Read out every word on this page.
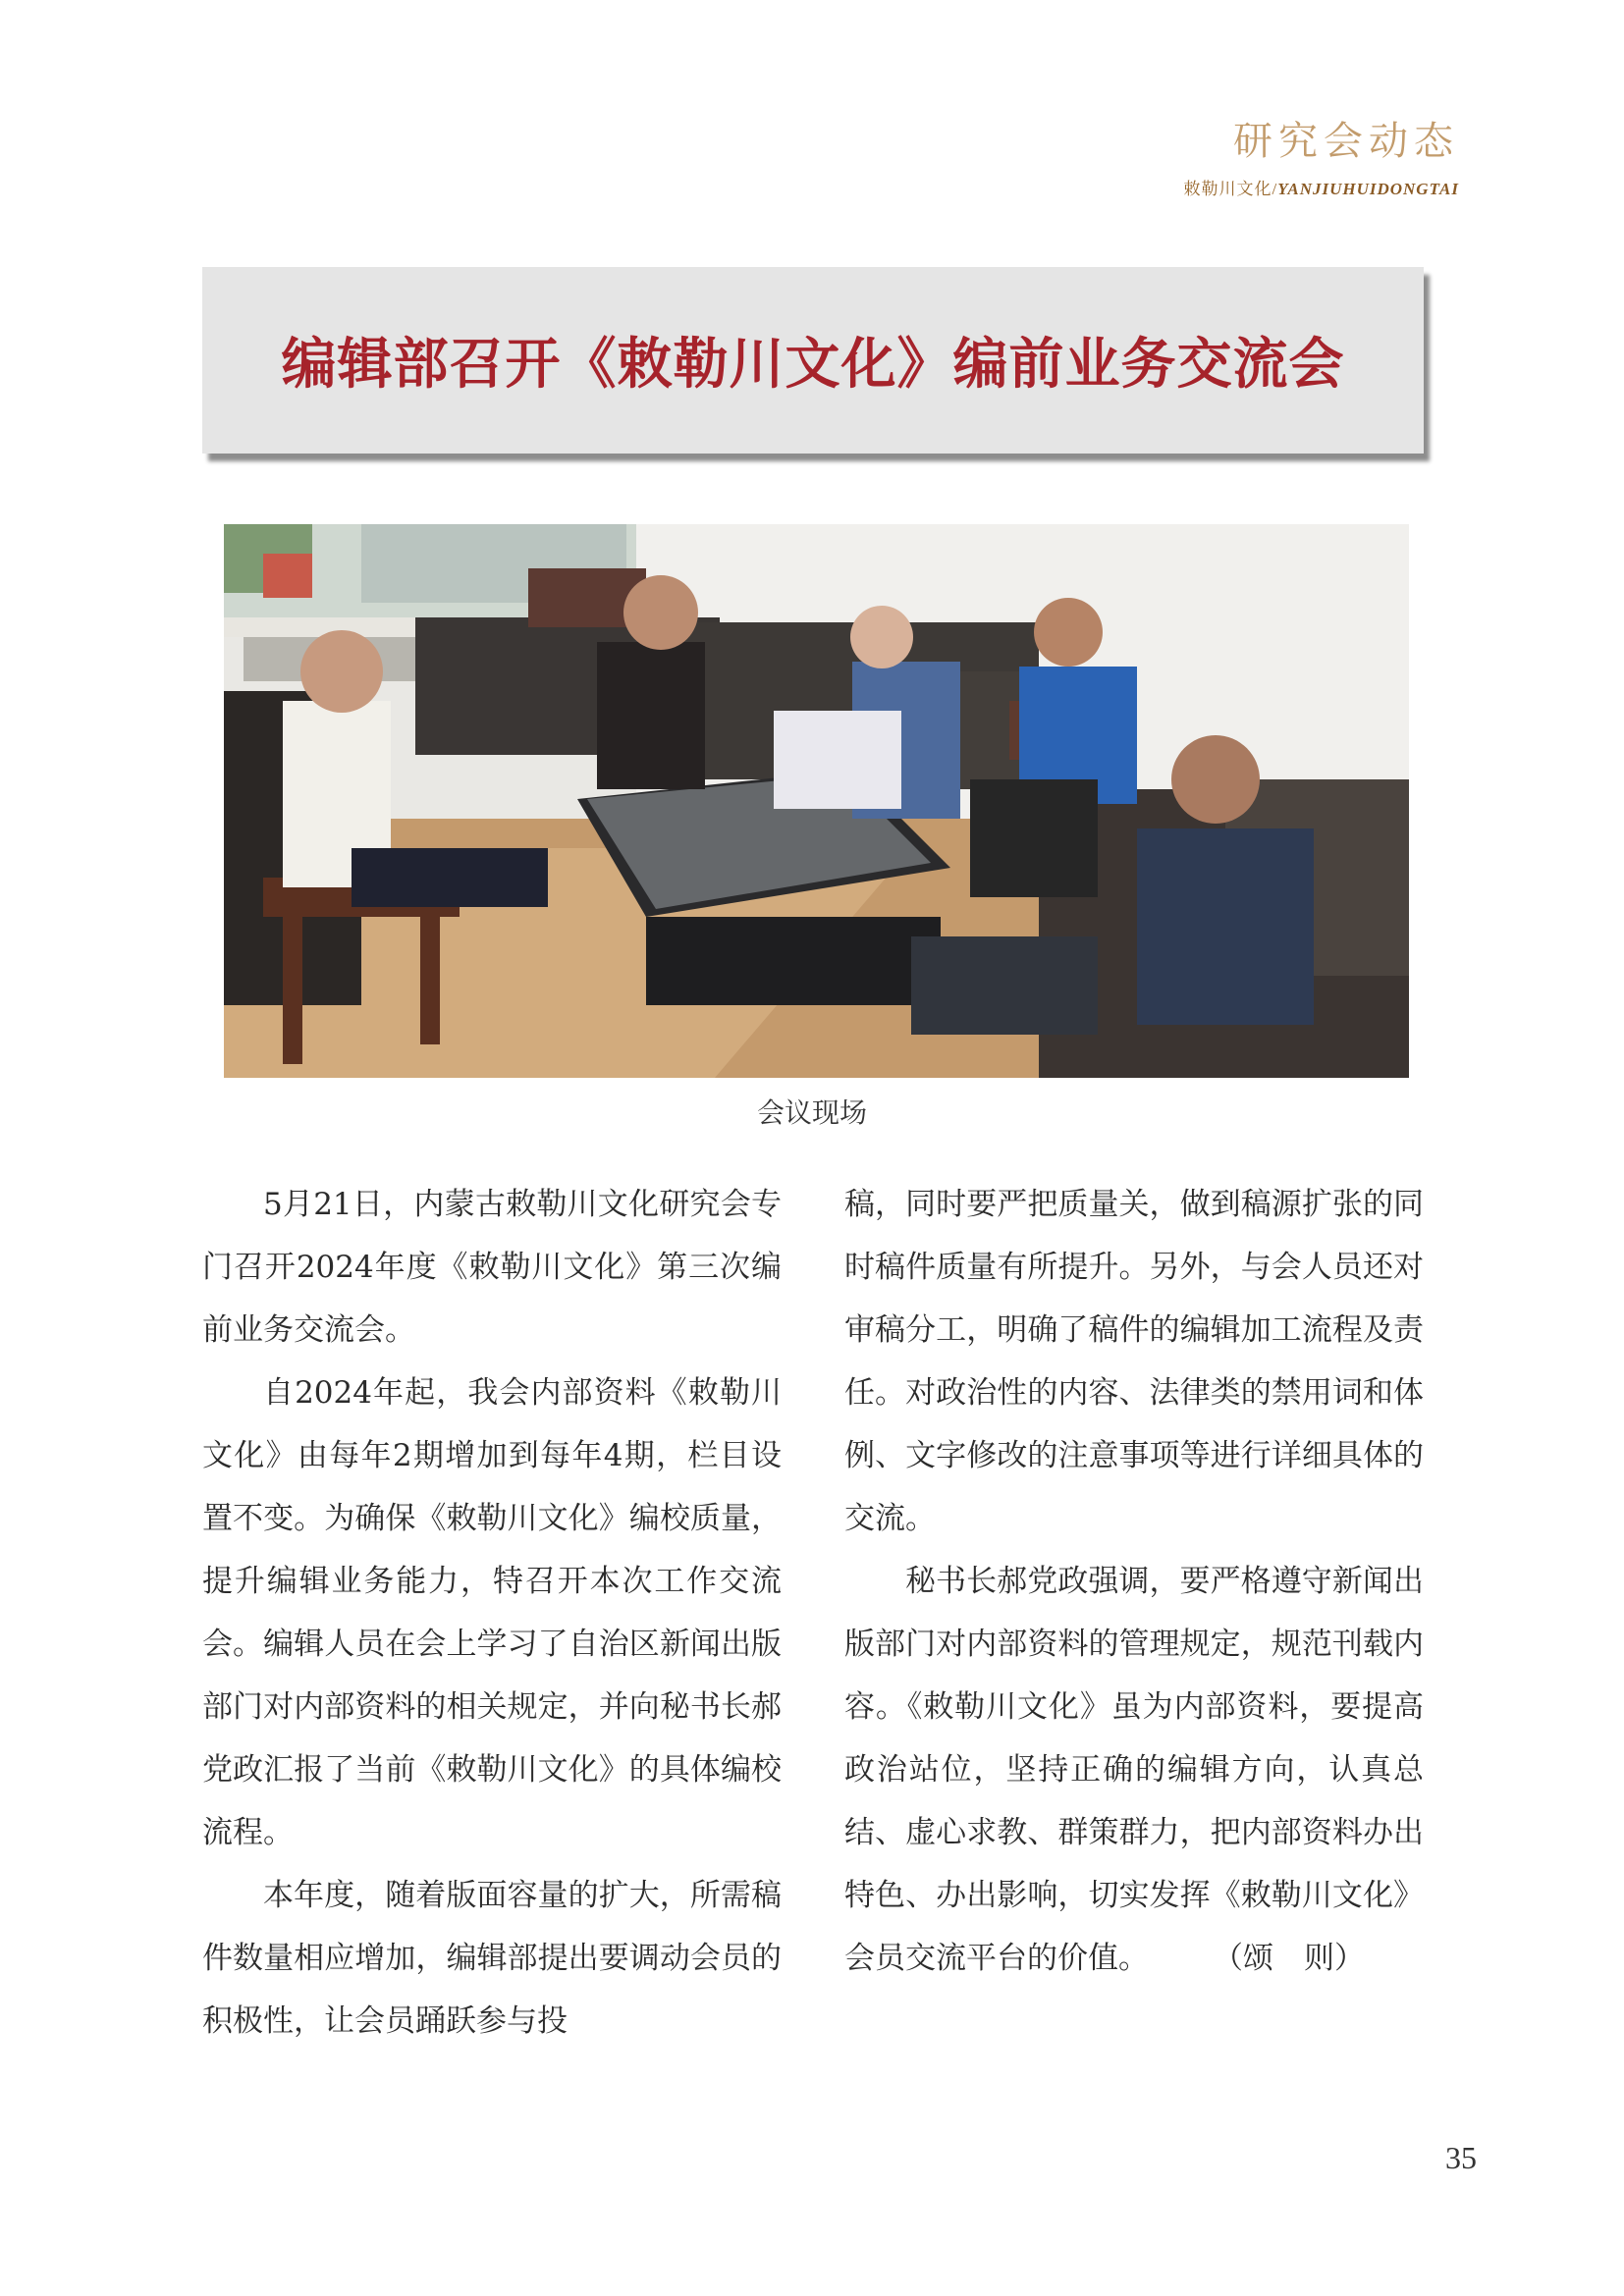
研究会动态
敕勒川文化/YANJIUHUIDONGTAI
编辑部召开《敕勒川文化》编前业务交流会
会议现场

5月21日，内蒙古敕勒川文化研究会专门召开2024年度《敕勒川文化》第三次编前业务交流会。

自2024年起，我会内部资料《敕勒川文化》由每年2期增加到每年4期，栏目设置不变。为确保《敕勒川文化》编校质量，提升编辑业务能力，特召开本次工作交流会。编辑人员在会上学习了自治区新闻出版部门对内部资料的相关规定，并向秘书长郝党政汇报了当前《敕勒川文化》的具体编校流程。

本年度，随着版面容量的扩大，所需稿件数量相应增加，编辑部提出要调动会员的积极性，让会员踊跃参与投

稿，同时要严把质量关，做到稿源扩张的同时稿件质量有所提升。另外，与会人员还对审稿分工，明确了稿件的编辑加工流程及责任。对政治性的内容、法律类的禁用词和体例、文字修改的注意事项等进行详细具体的交流。

秘书长郝党政强调，要严格遵守新闻出版部门对内部资料的管理规定，规范刊载内容。《敕勒川文化》虽为内部资料，要提高政治站位，坚持正确的编辑方向，认真总结、虚心求教、群策群力，把内部资料办出特色、办出影响，切实发挥《敕勒川文化》会员交流平台的价值。	（颂　则）

35
